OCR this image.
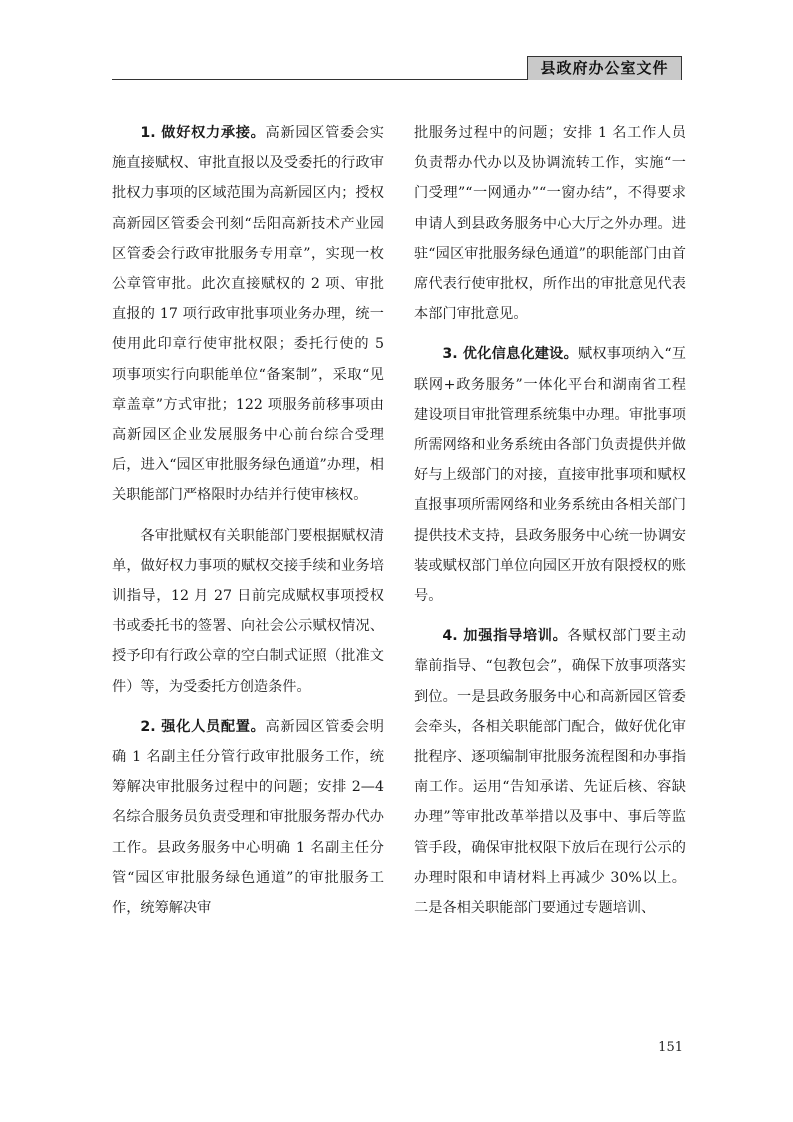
县政府办公室文件

1. 做好权力承接。高新园区管委会实施直接赋权、审批直报以及受委托的行政审批权力事项的区域范围为高新园区内；授权高新园区管委会刊刻“岳阳高新技术产业园区管委会行政审批服务专用章”，实现一枚公章管审批。此次直接赋权的 2 项、审批直报的 17 项行政审批事项业务办理，统一使用此印章行使审批权限；委托行使的 5 项事项实行向职能单位“备案制”，采取“见章盖章”方式审批；122 项服务前移事项由高新园区企业发展服务中心前台综合受理后，进入“园区审批服务绿色通道”办理，相关职能部门严格限时办结并行使审核权。

各审批赋权有关职能部门要根据赋权清单，做好权力事项的赋权交接手续和业务培训指导，12 月 27 日前完成赋权事项授权书或委托书的签署、向社会公示赋权情况、授予印有行政公章的空白制式证照（批准文件）等，为受委托方创造条件。

2. 强化人员配置。高新园区管委会明确 1 名副主任分管行政审批服务工作，统筹解决审批服务过程中的问题；安排 2—4 名综合服务员负责受理和审批服务帮办代办工作。县政务服务中心明确 1 名副主任分管“园区审批服务绿色通道”的审批服务工作，统筹解决审

批服务过程中的问题；安排 1 名工作人员负责帮办代办以及协调流转工作，实施“一门受理”“一网通办”“一窗办结”，不得要求申请人到县政务服务中心大厅之外办理。进驻“园区审批服务绿色通道”的职能部门由首席代表行使审批权，所作出的审批意见代表本部门审批意见。

3. 优化信息化建设。赋权事项纳入“互联网+政务服务”一体化平台和湖南省工程建设项目审批管理系统集中办理。审批事项所需网络和业务系统由各部门负责提供并做好与上级部门的对接，直接审批事项和赋权直报事项所需网络和业务系统由各相关部门提供技术支持，县政务服务中心统一协调安装或赋权部门单位向园区开放有限授权的账号。

4. 加强指导培训。各赋权部门要主动靠前指导、“包教包会”，确保下放事项落实到位。一是县政务服务中心和高新园区管委会牵头，各相关职能部门配合，做好优化审批程序、逐项编制审批服务流程图和办事指南工作。运用“告知承诺、先证后核、容缺办理”等审批改革举措以及事中、事后等监管手段，确保审批权限下放后在现行公示的办理时限和申请材料上再减少 30%以上。二是各相关职能部门要通过专题培训、

151
